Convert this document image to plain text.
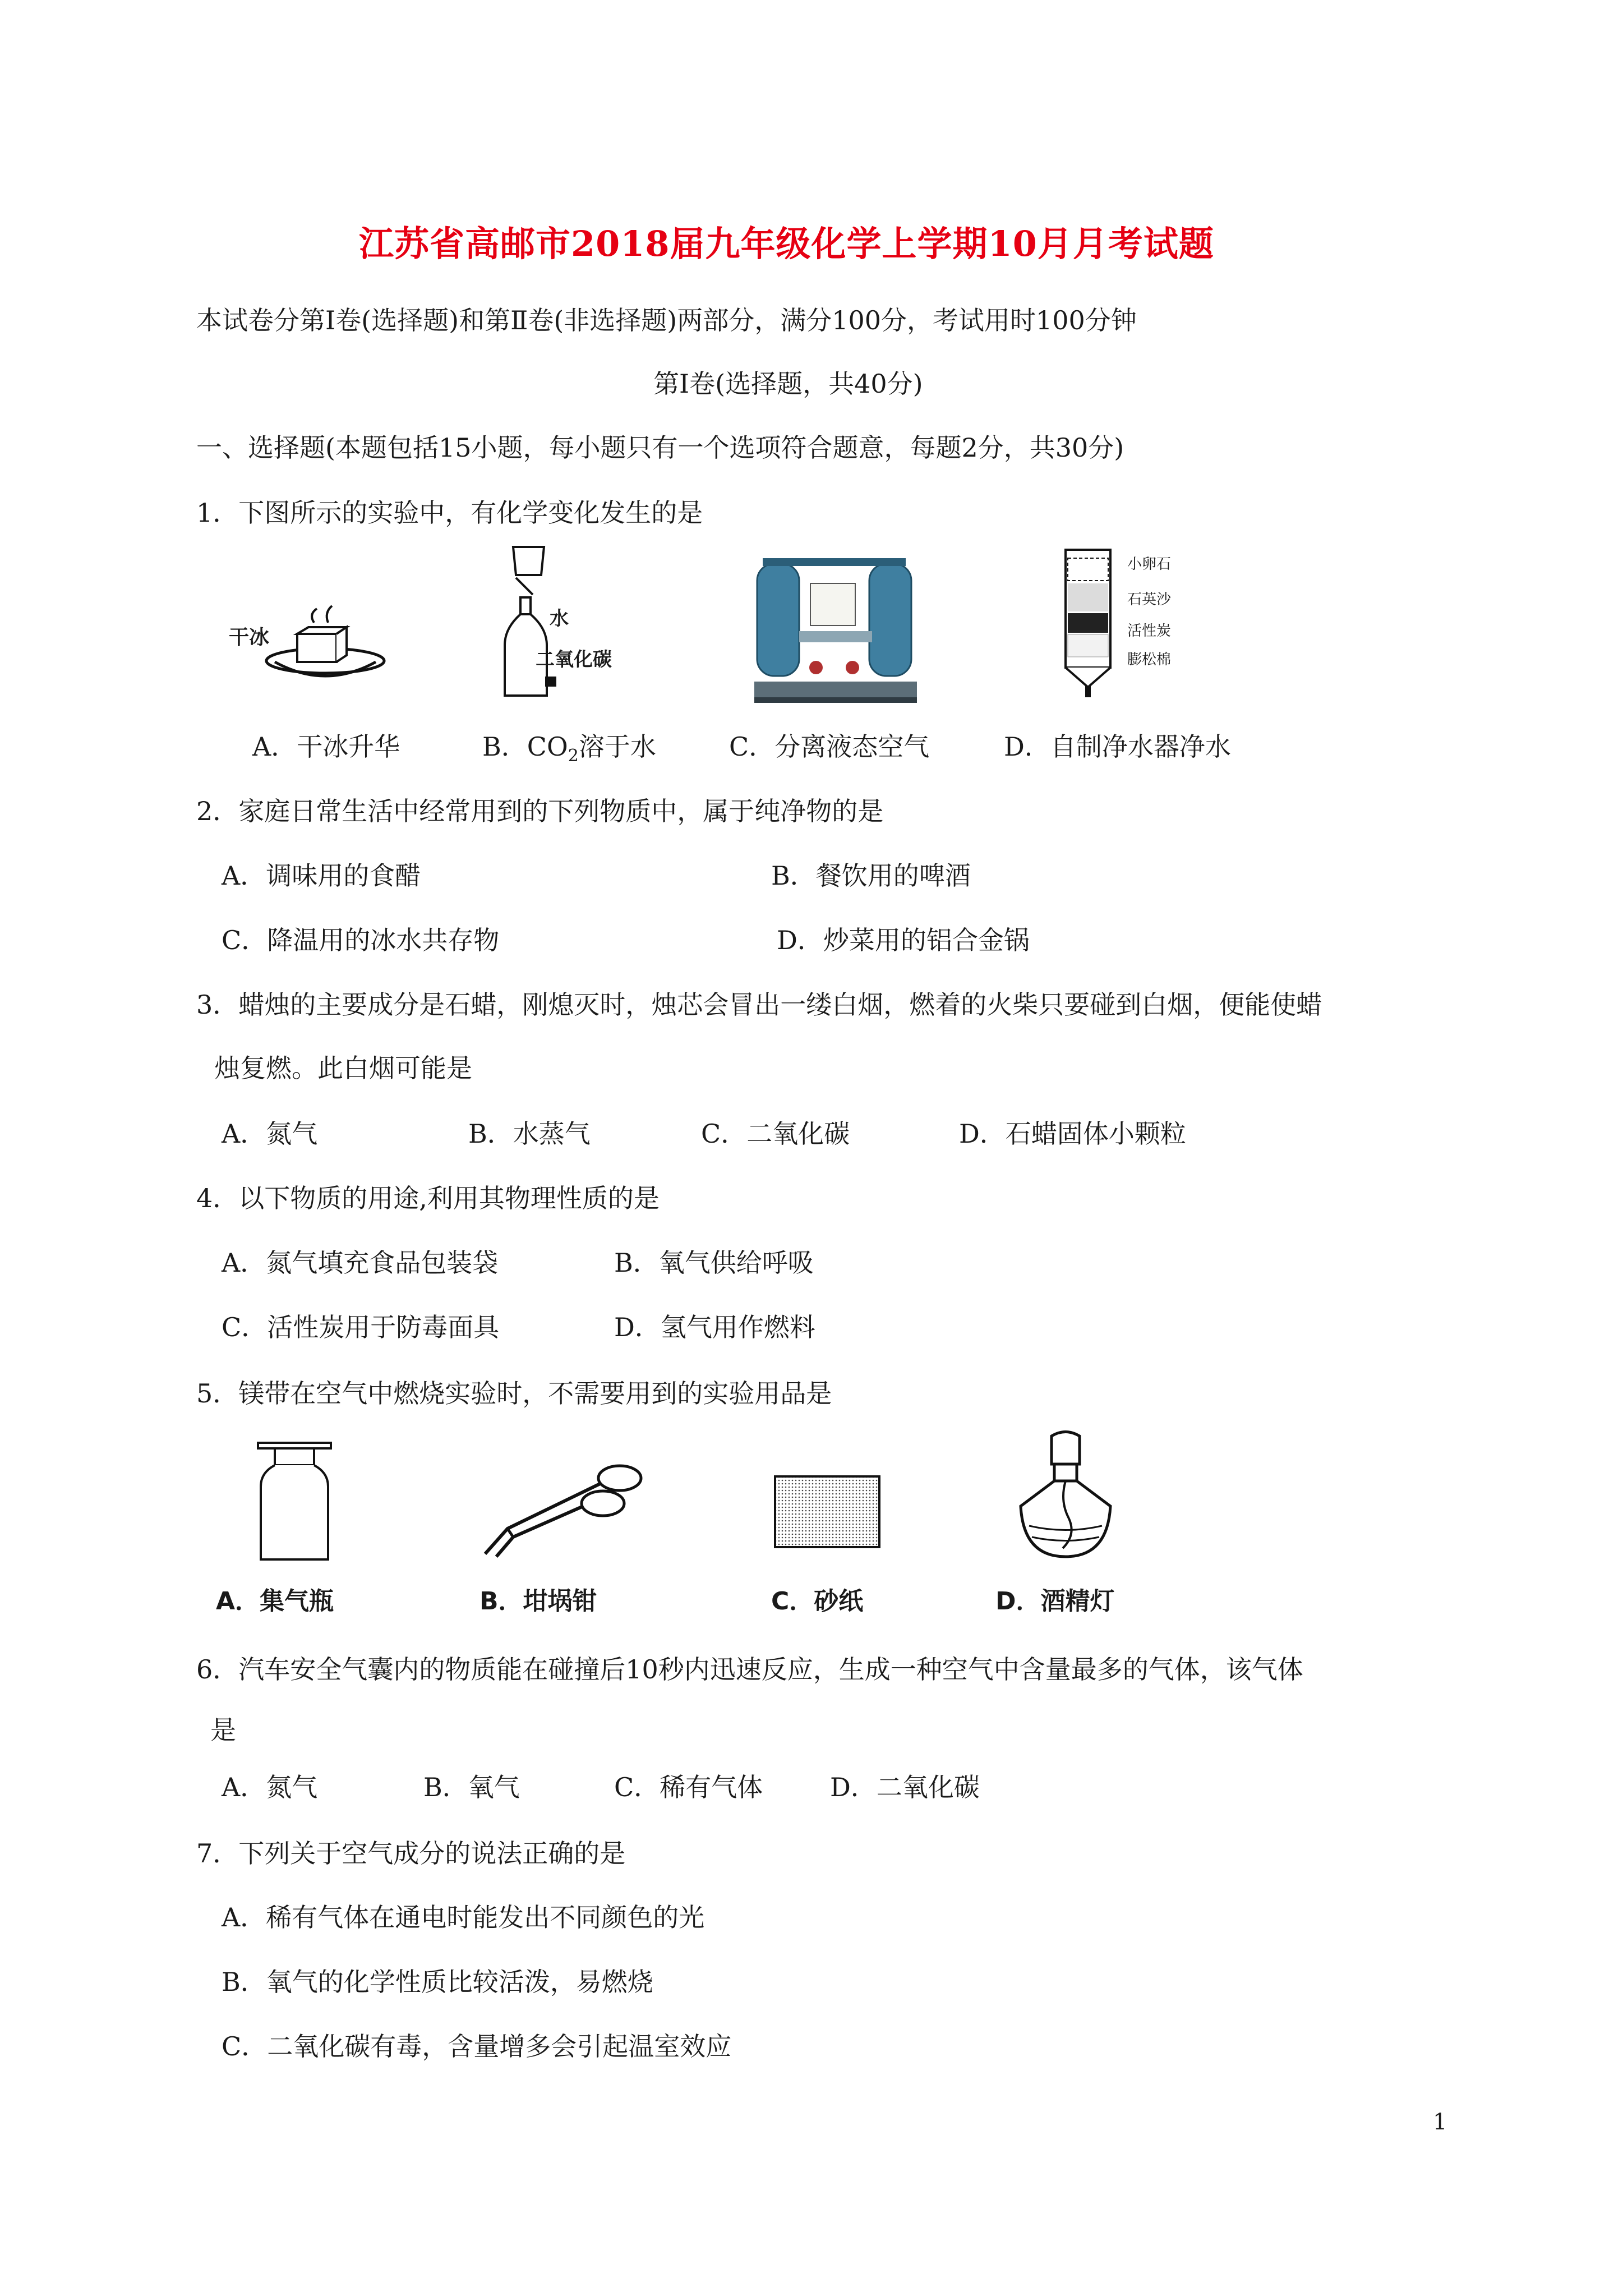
江苏省高邮市2018届九年级化学上学期10月月考试题
本试卷分第Ⅰ卷(选择题)和第Ⅱ卷(非选择题)两部分，满分100分，考试用时100分钟
第Ⅰ卷(选择题，共40分)
一、选择题(本题包括15小题，每小题只有一个选项符合题意，每题2分，共30分)
1．下图所示的实验中，有化学变化发生的是
干冰
水
二氧化碳
小卵石
石英沙
活性炭
膨松棉
A．干冰升华	B．$CO_2$溶于水	C．分离液态空气	D．自制净水器净水
2．家庭日常生活中经常用到的下列物质中，属于纯净物的是
A．调味用的食醋	B．餐饮用的啤酒
C．降温用的冰水共存物	D．炒菜用的铝合金锅
3．蜡烛的主要成分是石蜡，刚熄灭时，烛芯会冒出一缕白烟，燃着的火柴只要碰到白烟，便能使蜡
烛复燃。此白烟可能是
A．氮气	B．水蒸气	C．二氧化碳	D．石蜡固体小颗粒
4．以下物质的用途,利用其物理性质的是
A．氮气填充食品包装袋	B．氧气供给呼吸
C．活性炭用于防毒面具	D．氢气用作燃料
5．镁带在空气中燃烧实验时，不需要用到的实验用品是
A．集气瓶	B．坩埚钳	C．砂纸	D．酒精灯
6．汽车安全气囊内的物质能在碰撞后10秒内迅速反应，生成一种空气中含量最多的气体，该气体
是
A．氮气	B．氧气	C．稀有气体	D．二氧化碳
7．下列关于空气成分的说法正确的是
A．稀有气体在通电时能发出不同颜色的光
B．氧气的化学性质比较活泼，易燃烧
C．二氧化碳有毒，含量增多会引起温室效应
1
